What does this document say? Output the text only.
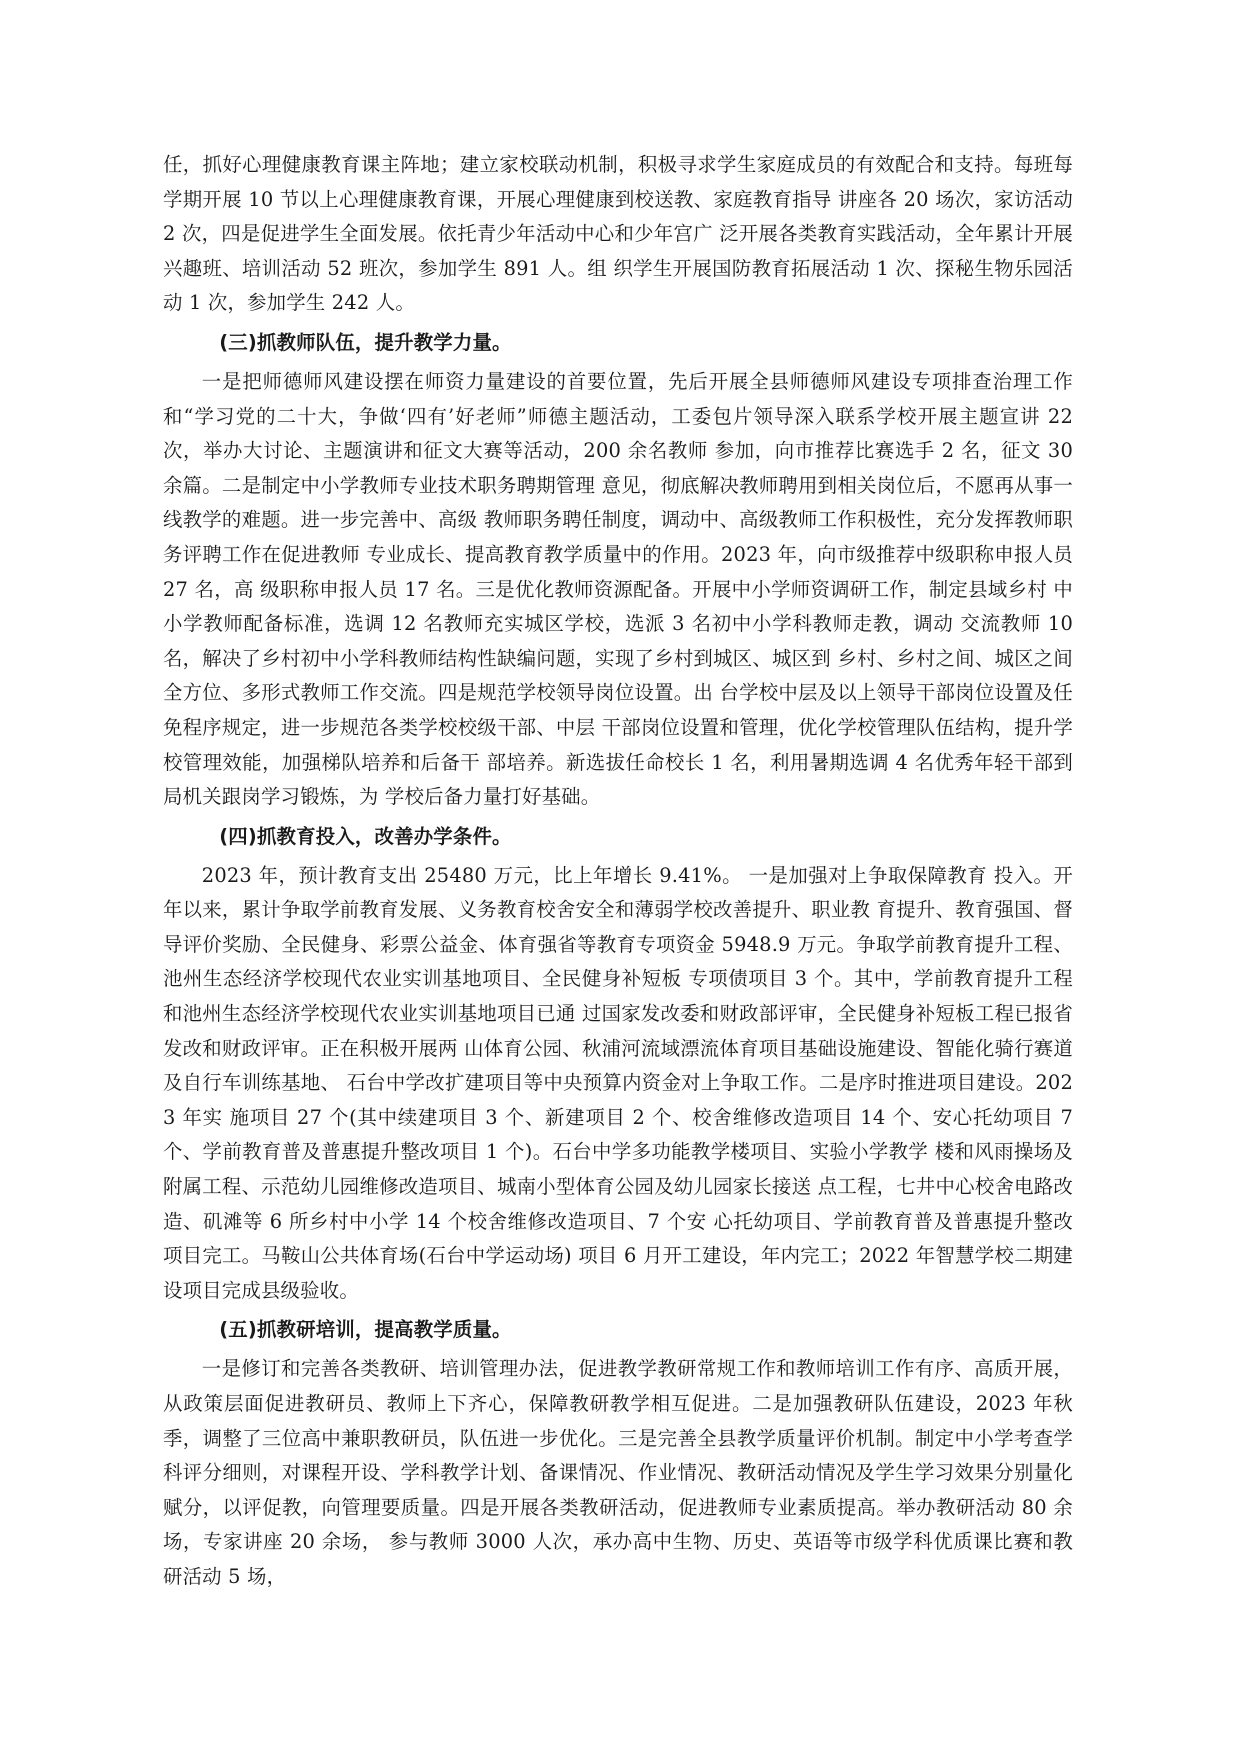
任，抓好心理健康教育课主阵地；建立家校联动机制，积极寻求学生家庭成员的有效配合和支持。每班每学期开展 10 节以上心理健康教育课，开展心理健康到校送教、家庭教育指导 讲座各 20 场次，家访活动 2 次，四是促进学生全面发展。依托青少年活动中心和少年宫广 泛开展各类教育实践活动，全年累计开展兴趣班、培训活动 52 班次，参加学生 891 人。组 织学生开展国防教育拓展活动 1 次、探秘生物乐园活动 1 次，参加学生 242 人。

(三)抓教师队伍，提升教学力量。

一是把师德师风建设摆在师资力量建设的首要位置，先后开展全县师德师风建设专项排查治理工作和“学习党的二十大，争做‘四有’好老师”师德主题活动，工委包片领导深入联系学校开展主题宣讲 22 次，举办大讨论、主题演讲和征文大赛等活动，200 余名教师 参加，向市推荐比赛选手 2 名，征文 30 余篇。二是制定中小学教师专业技术职务聘期管理 意见，彻底解决教师聘用到相关岗位后，不愿再从事一线教学的难题。进一步完善中、高级 教师职务聘任制度，调动中、高级教师工作积极性，充分发挥教师职务评聘工作在促进教师 专业成长、提高教育教学质量中的作用。2023 年，向市级推荐中级职称申报人员 27 名，高 级职称申报人员 17 名。三是优化教师资源配备。开展中小学师资调研工作，制定县域乡村 中小学教师配备标准，选调 12 名教师充实城区学校，选派 3 名初中小学科教师走教，调动 交流教师 10 名，解决了乡村初中小学科教师结构性缺编问题，实现了乡村到城区、城区到 乡村、乡村之间、城区之间全方位、多形式教师工作交流。四是规范学校领导岗位设置。出 台学校中层及以上领导干部岗位设置及任免程序规定，进一步规范各类学校校级干部、中层 干部岗位设置和管理，优化学校管理队伍结构，提升学校管理效能，加强梯队培养和后备干 部培养。新选拔任命校长 1 名，利用暑期选调 4 名优秀年轻干部到局机关跟岗学习锻炼，为 学校后备力量打好基础。

(四)抓教育投入，改善办学条件。

2023 年，预计教育支出 25480 万元，比上年增长 9.41%。 一是加强对上争取保障教育 投入。开年以来，累计争取学前教育发展、义务教育校舍安全和薄弱学校改善提升、职业教 育提升、教育强国、督导评价奖励、全民健身、彩票公益金、体育强省等教育专项资金 5948.9 万元。争取学前教育提升工程、池州生态经济学校现代农业实训基地项目、全民健身补短板 专项债项目 3 个。其中，学前教育提升工程和池州生态经济学校现代农业实训基地项目已通 过国家发改委和财政部评审，全民健身补短板工程已报省发改和财政评审。正在积极开展两 山体育公园、秋浦河流域漂流体育项目基础设施建设、智能化骑行赛道及自行车训练基地、 石台中学改扩建项目等中央预算内资金对上争取工作。二是序时推进项目建设。2023 年实 施项目 27 个(其中续建项目 3 个、新建项目 2 个、校舍维修改造项目 14 个、安心托幼项目 7 个、学前教育普及普惠提升整改项目 1 个)。石台中学多功能教学楼项目、实验小学教学 楼和风雨操场及附属工程、示范幼儿园维修改造项目、城南小型体育公园及幼儿园家长接送 点工程，七井中心校舍电路改造、矶滩等 6 所乡村中小学 14 个校舍维修改造项目、7 个安 心托幼项目、学前教育普及普惠提升整改项目完工。马鞍山公共体育场(石台中学运动场) 项目 6 月开工建设，年内完工；2022 年智慧学校二期建设项目完成县级验收。

(五)抓教研培训，提高教学质量。

一是修订和完善各类教研、培训管理办法，促进教学教研常规工作和教师培训工作有序、高质开展，从政策层面促进教研员、教师上下齐心，保障教研教学相互促进。二是加强教研队伍建设，2023 年秋季，调整了三位高中兼职教研员，队伍进一步优化。三是完善全县教学质量评价机制。制定中小学考查学科评分细则，对课程开设、学科教学计划、备课情况、作业情况、教研活动情况及学生学习效果分别量化赋分，以评促教，向管理要质量。四是开展各类教研活动，促进教师专业素质提高。举办教研活动 80 余场，专家讲座 20 余场， 参与教师 3000 人次，承办高中生物、历史、英语等市级学科优质课比赛和教研活动 5 场，
